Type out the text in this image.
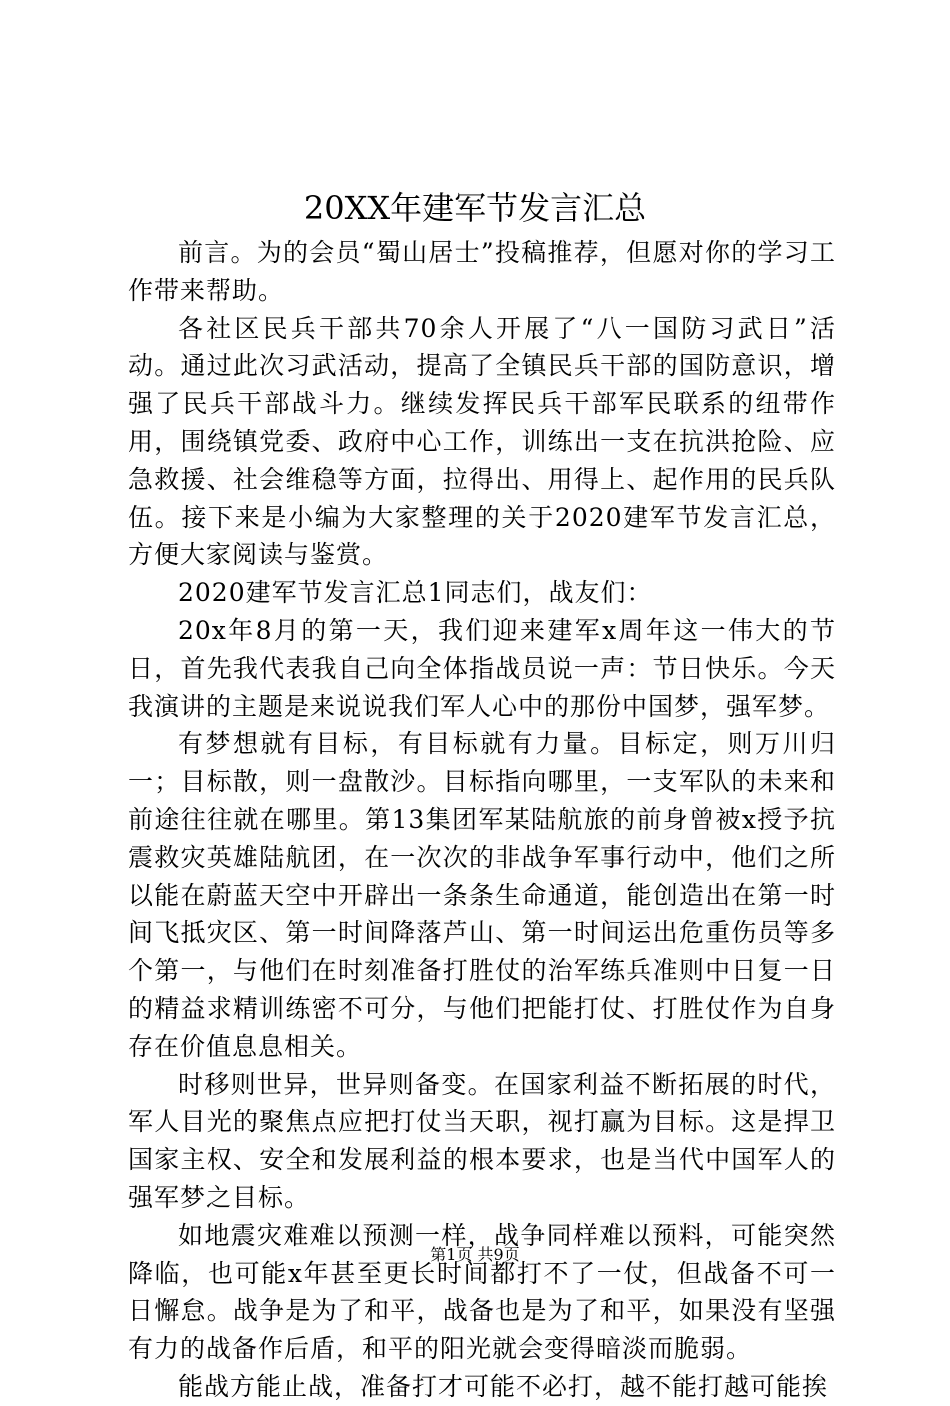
20XX年建军节发言汇总

前言。为的会员“蜀山居士”投稿推荐，但愿对你的学习工作带来帮助。

各社区民兵干部共70余人开展了“八一国防习武日”活动。通过此次习武活动，提高了全镇民兵干部的国防意识，增强了民兵干部战斗力。继续发挥民兵干部军民联系的纽带作用，围绕镇党委、政府中心工作，训练出一支在抗洪抢险、应急救援、社会维稳等方面，拉得出、用得上、起作用的民兵队伍。接下来是小编为大家整理的关于2020建军节发言汇总，方便大家阅读与鉴赏。

2020建军节发言汇总1同志们，战友们：

20x年8月的第一天，我们迎来建军x周年这一伟大的节日，首先我代表我自己向全体指战员说一声：节日快乐。今天我演讲的主题是来说说我们军人心中的那份中国梦，强军梦。

有梦想就有目标，有目标就有力量。目标定，则万川归一；目标散，则一盘散沙。目标指向哪里，一支军队的未来和前途往往就在哪里。第13集团军某陆航旅的前身曾被x授予抗震救灾英雄陆航团，在一次次的非战争军事行动中，他们之所以能在蔚蓝天空中开辟出一条条生命通道，能创造出在第一时间飞抵灾区、第一时间降落芦山、第一时间运出危重伤员等多个第一，与他们在时刻准备打胜仗的治军练兵准则中日复一日的精益求精训练密不可分，与他们把能打仗、打胜仗作为自身存在价值息息相关。

时移则世异，世异则备变。在国家利益不断拓展的时代，军人目光的聚焦点应把打仗当天职，视打赢为目标。这是捍卫国家主权、安全和发展利益的根本要求，也是当代中国军人的强军梦之目标。

如地震灾难难以预测一样，战争同样难以预料，可能突然降临，也可能x年甚至更长时间都打不了一仗，但战备不可一日懈怠。战争是为了和平，战备也是为了和平，如果没有坚强有力的战备作后盾，和平的阳光就会变得暗淡而脆弱。

能战方能止战，准备打才可能不必打，越不能打越可能挨

第1页 共9页
